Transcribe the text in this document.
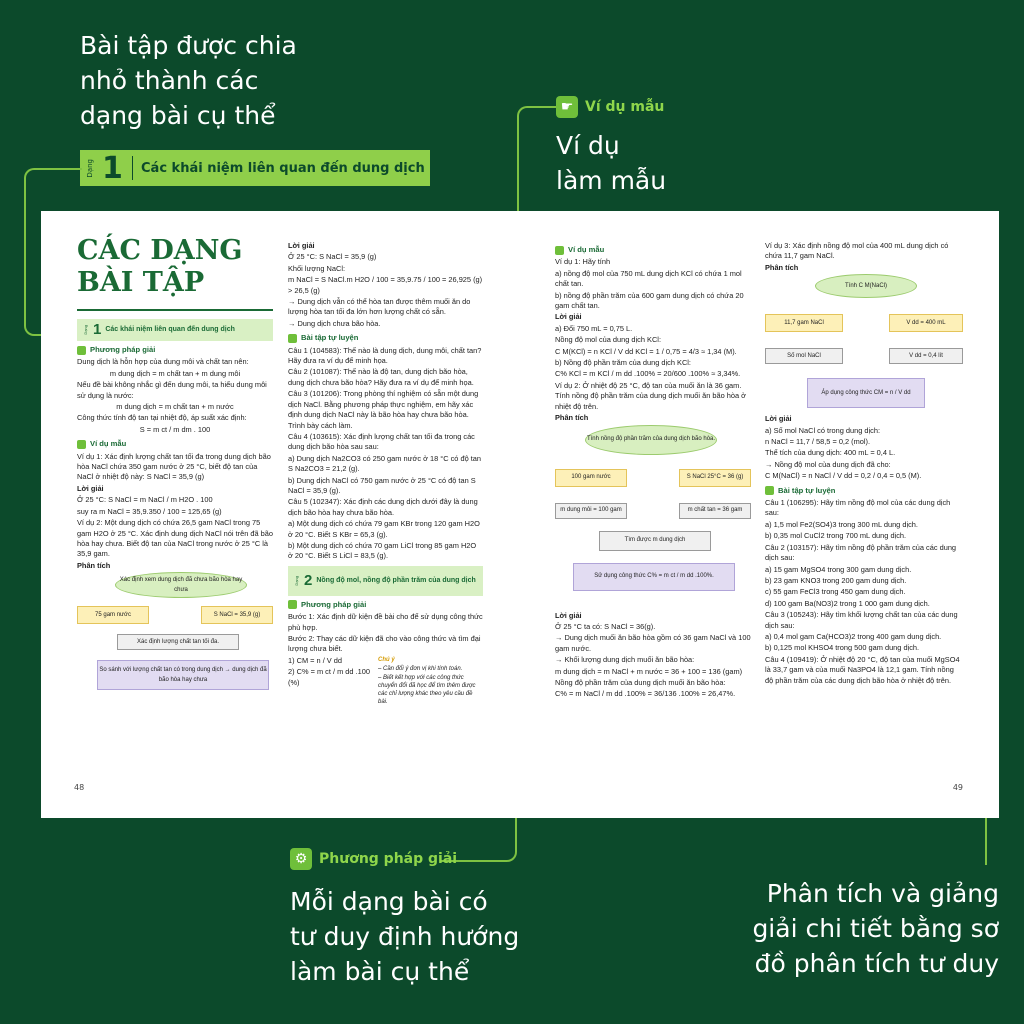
Bài tập được chia
nhỏ thành các
dạng bài cụ thể
Dạng 1 Các khái niệm liên quan đến dung dịch
☛ Ví dụ mẫu
Ví dụ
làm mẫu
⚙ Phương pháp giải
Mỗi dạng bài có
tư duy định hướng
làm bài cụ thể
Phân tích và giảng
giải chi tiết bằng sơ
đồ phân tích tư duy
CÁC DẠNG
BÀI TẬP
Dạng 1 Các khái niệm liên quan đến dung dịch
Phương pháp giải

Dung dịch là hỗn hợp của dung môi và chất tan nên:

m dung dịch = m chất tan + m dung môi

Nếu đề bài không nhắc gì đến dung môi, ta hiểu dung môi sử dụng là nước:

m dung dịch = m chất tan + m nước

Công thức tính độ tan tại nhiệt độ, áp suất xác định:

S = m ct / m dm . 100

Ví dụ mẫu

Ví dụ 1: Xác định lượng chất tan tối đa trong dung dịch bão hòa NaCl chứa 350 gam nước ở 25 °C, biết độ tan của NaCl ở nhiệt độ này: S NaCl = 35,9 (g)

Lời giải

Ở 25 °C: S NaCl = m NaCl / m H2O . 100

suy ra m NaCl = 35,9.350 / 100 = 125,65 (g)

Ví dụ 2: Một dung dịch có chứa 26,5 gam NaCl trong 75 gam H2O ở 25 °C. Xác định dung dịch NaCl nói trên đã bão hòa hay chưa. Biết độ tan của NaCl trong nước ở 25 °C là 35,9 gam.

Phân tích

Xác định xem dung dịch đã chưa bão hòa hay chưa
75 gam nước	S NaCl = 35,9 (g)
Xác định lượng chất tan tối đa.
So sánh với lượng chất tan có trong dung dịch → dung dịch đã bão hòa hay chưa
48

Lời giải

Ở 25 °C: S NaCl = 35,9 (g)

Khối lượng NaCl:

m NaCl = S NaCl.m H2O / 100 = 35,9.75 / 100 = 26,925 (g) > 26,5 (g)

→ Dung dịch vẫn có thể hòa tan được thêm muối ăn do lượng hòa tan tối đa lớn hơn lượng chất có sẵn.

→ Dung dịch chưa bão hòa.

Bài tập tự luyện

Câu 1 (104583): Thế nào là dung dịch, dung môi, chất tan? Hãy đưa ra ví dụ để minh họa.

Câu 2 (101087): Thế nào là độ tan, dung dịch bão hòa, dung dịch chưa bão hòa? Hãy đưa ra ví dụ để minh họa.

Câu 3 (101206): Trong phòng thí nghiệm có sẵn một dung dịch NaCl. Bằng phương pháp thực nghiệm, em hãy xác định dung dịch NaCl này là bão hòa hay chưa bão hòa. Trình bày cách làm.

Câu 4 (103615): Xác định lượng chất tan tối đa trong các dung dịch bão hòa sau sau:

a) Dung dịch Na2CO3 có 250 gam nước ở 18 °C có độ tan S Na2CO3 = 21,2 (g).

b) Dung dịch NaCl có 750 gam nước ở 25 °C có độ tan S NaCl = 35,9 (g).

Câu 5 (102347): Xác định các dung dịch dưới đây là dung dịch bão hòa hay chưa bão hòa.

a) Một dung dịch có chứa 79 gam KBr trong 120 gam H2O ở 20 °C. Biết S KBr = 65,3 (g).

b) Một dung dịch có chứa 70 gam LiCl trong 85 gam H2O ở 20 °C. Biết S LiCl = 83,5 (g).

Dạng 2 Nồng độ mol, nồng độ phần trăm của dung dịch
Phương pháp giải

Bước 1: Xác định dữ kiện đề bài cho để sử dụng công thức phù hợp.

Bước 2: Thay các dữ kiện đã cho vào công thức và tìm đại lượng chưa biết.

1) CM = n / V dd

2) C% = m ct / m dd .100 (%)

Chú ý

– Cần đổi ý đơn vị khi tính toán.

– Biết kết hợp với các công thức chuyển đổi đã học để tìm thêm được các chỉ lượng khác theo yêu cầu đề bài.

Ví dụ mẫu

Ví dụ 1: Hãy tính

a) nồng độ mol của 750 mL dung dịch KCl có chứa 1 mol chất tan.

b) nồng độ phần trăm của 600 gam dung dịch có chứa 20 gam chất tan.

Lời giải

a) Đổi 750 mL = 0,75 L.

Nồng độ mol của dung dịch KCl:

C M(KCl) = n KCl / V dd KCl = 1 / 0,75 = 4/3 ≈ 1,34 (M).

b) Nồng độ phần trăm của dung dịch KCl:

C% KCl = m KCl / m dd .100% = 20/600 .100% ≈ 3,34%.

Ví dụ 2: Ở nhiệt độ 25 °C, độ tan của muối ăn là 36 gam. Tính nồng độ phần trăm của dung dịch muối ăn bão hòa ở nhiệt độ trên.

Phân tích

Tính nồng độ phần trăm của dung dịch bão hòa.
100 gam nước	S NaCl 25°C = 36 (g)
m dung môi = 100 gam	m chất tan = 36 gam
Tìm được m dung dịch
Sử dụng công thức C% = m ct / m dd .100%.

Lời giải

Ở 25 °C ta có: S NaCl = 36(g).

→ Dung dịch muối ăn bão hòa gồm có 36 gam NaCl và 100 gam nước.

→ Khối lượng dung dịch muối ăn bão hòa:

m dung dịch = m NaCl + m nước = 36 + 100 = 136 (gam)

Nồng độ phần trăm của dung dịch muối ăn bão hòa:

C% = m NaCl / m dd .100% = 36/136 .100% = 26,47%.

Ví dụ 3: Xác định nồng độ mol của 400 mL dung dịch có chứa 11,7 gam NaCl.

Phân tích

Tính C M(NaCl)
11,7 gam NaCl	V dd = 400 mL
Số mol NaCl	V dd = 0,4 lít
Áp dụng công thức CM = n / V dd

Lời giải

a) Số mol NaCl có trong dung dịch:

n NaCl = 11,7 / 58,5 = 0,2 (mol).

Thể tích của dung dịch: 400 mL = 0,4 L.

→ Nồng độ mol của dung dịch đã cho:

C M(NaCl) = n NaCl / V dd = 0,2 / 0,4 = 0,5 (M).

Bài tập tự luyện

Câu 1 (106295): Hãy tìm nồng độ mol của các dung dịch sau:

a) 1,5 mol Fe2(SO4)3 trong 300 mL dung dịch.

b) 0,35 mol CuCl2 trong 700 mL dung dịch.

Câu 2 (103157): Hãy tìm nồng độ phần trăm của các dung dịch sau:

a) 15 gam MgSO4 trong 300 gam dung dịch.

b) 23 gam KNO3 trong 200 gam dung dịch.

c) 55 gam FeCl3 trong 450 gam dung dịch.

d) 100 gam Ba(NO3)2 trong 1 000 gam dung dịch.

Câu 3 (105243): Hãy tìm khối lượng chất tan của các dung dịch sau:

a) 0,4 mol gam Ca(HCO3)2 trong 400 gam dung dịch.

b) 0,125 mol KHSO4 trong 500 gam dung dịch.

Câu 4 (109419): Ở nhiệt độ 20 °C, độ tan của muối MgSO4 là 33,7 gam và của muối Na3PO4 là 12,1 gam. Tính nồng độ phần trăm của các dung dịch bão hòa ở nhiệt độ trên.

49
